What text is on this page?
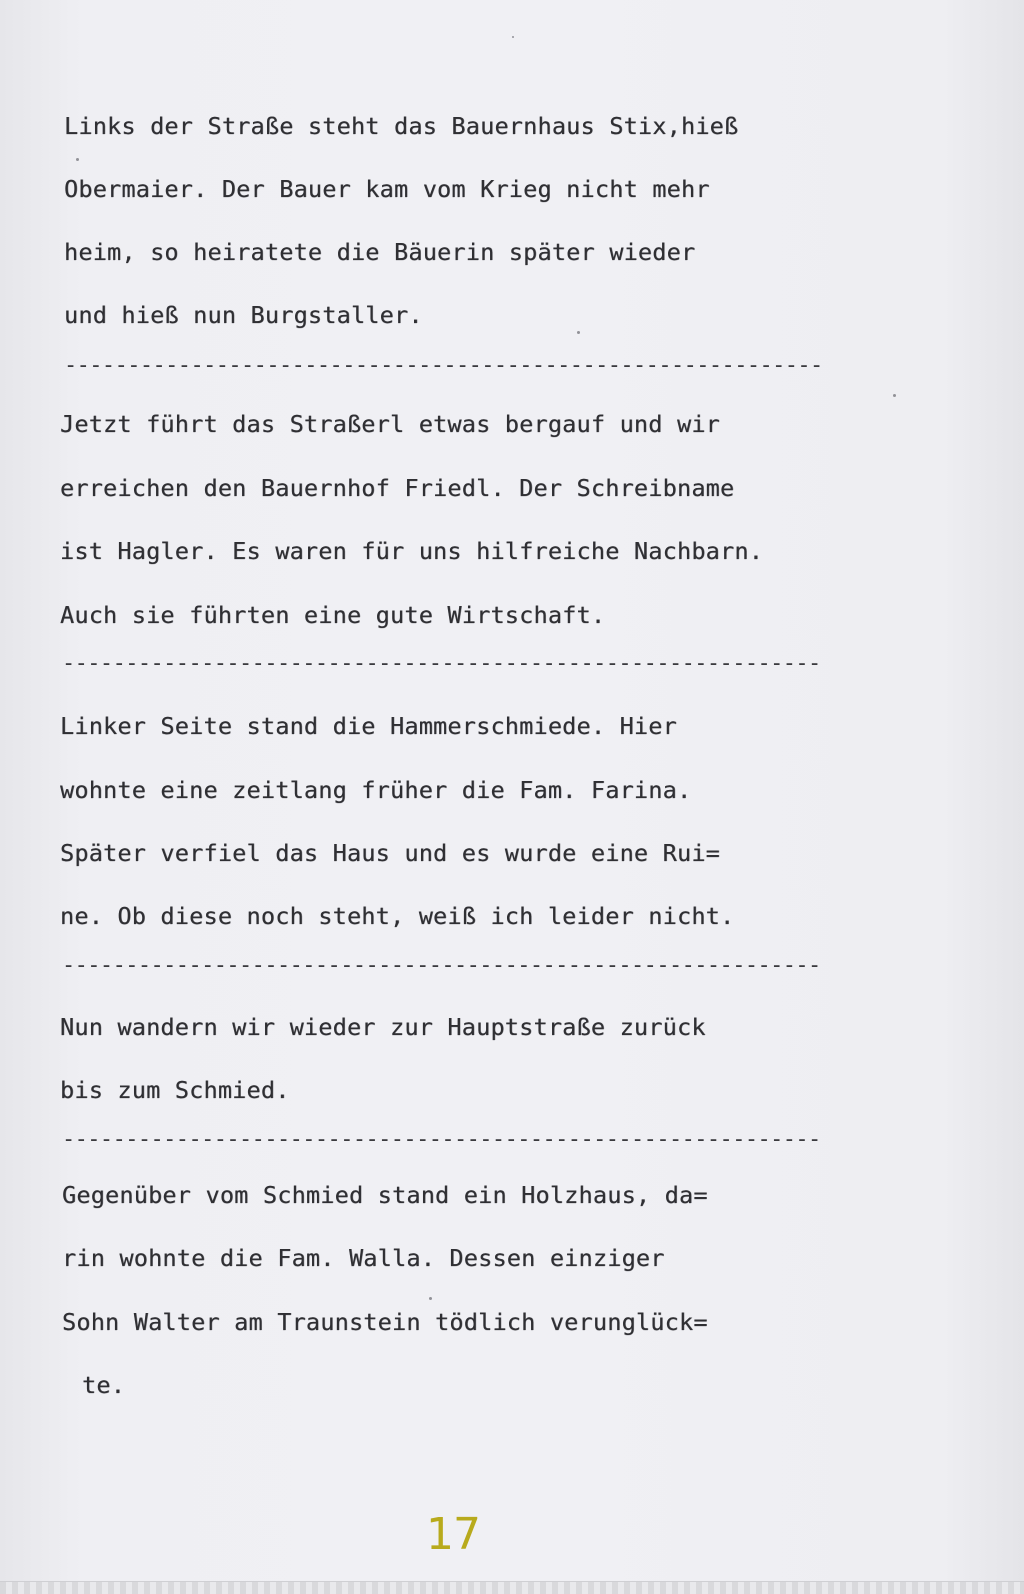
Links der Straße steht das Bauernhaus Stix,hieß
Obermaier. Der Bauer kam vom Krieg nicht mehr
heim, so heiratete die Bäuerin später wieder
und hieß nun Burgstaller.
------------------------------------------------------------
Jetzt führt das Straßerl etwas bergauf und wir
erreichen den Bauernhof Friedl. Der Schreibname
ist Hagler. Es waren für uns hilfreiche Nachbarn.
Auch sie führten eine gute Wirtschaft.
------------------------------------------------------------
Linker Seite stand die Hammerschmiede. Hier
wohnte eine zeitlang früher die Fam. Farina.
Später verfiel das Haus und es wurde eine Rui=
ne. Ob diese noch steht, weiß ich leider nicht.
------------------------------------------------------------
Nun wandern wir wieder zur Hauptstraße zurück
bis zum Schmied.
------------------------------------------------------------
Gegenüber vom Schmied stand ein Holzhaus, da=
rin wohnte die Fam. Walla. Dessen einziger
Sohn Walter am Traunstein tödlich verunglück=
te.
17
